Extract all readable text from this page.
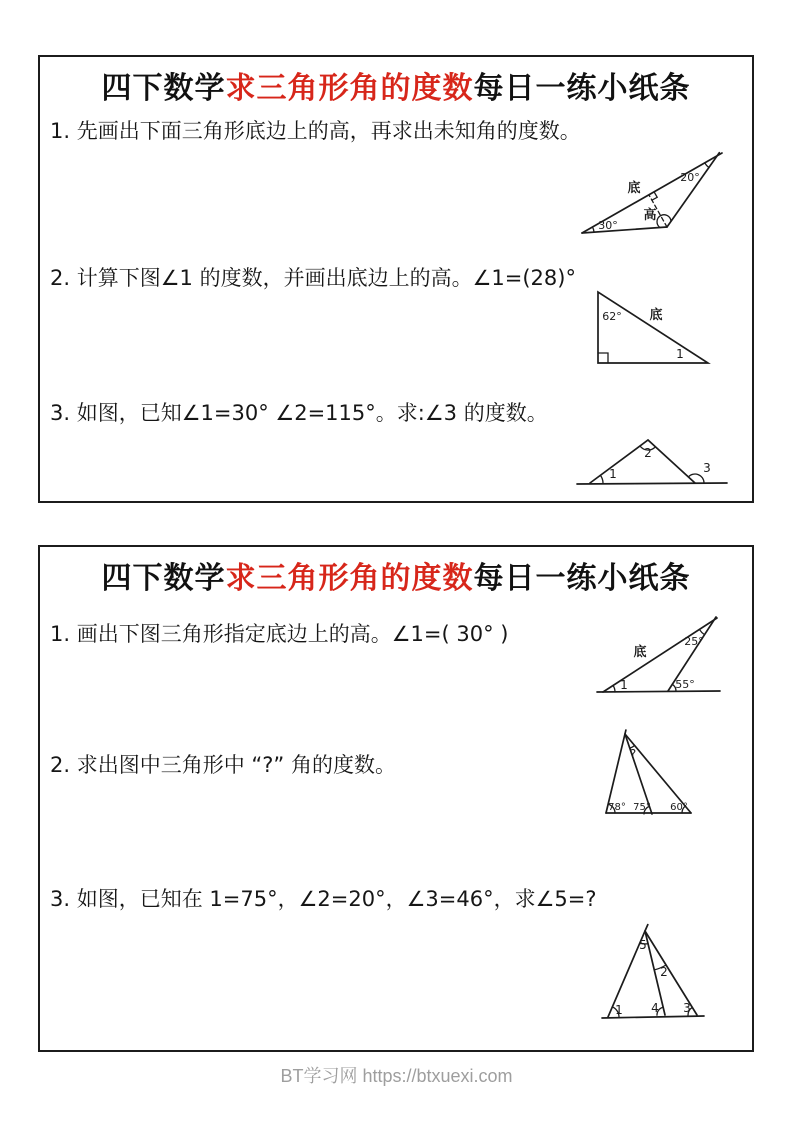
四下数学求三角形角的度数每日一练小纸条
1. 先画出下面三角形底边上的高，再求出未知角的度数。
底
高
30°
20°
2. 计算下图∠1 的度数，并画出底边上的高。∠1=(28)°
62° 底
1
3. 如图，已知∠1=30° ∠2=115°。求:∠3 的度数。
1
2
3
四下数学求三角形角的度数每日一练小纸条
1. 画出下图三角形指定底边上的高。∠1=( 30° )
底
1	55°
25°
2. 求出图中三角形中 “?” 角的度数。	?
78° 75° 60°
3. 如图，已知在 1=75°，∠2=20°，∠3=46°，求∠5=?
5
2
1 4 3
BT学习网 https://btxuexi.com
